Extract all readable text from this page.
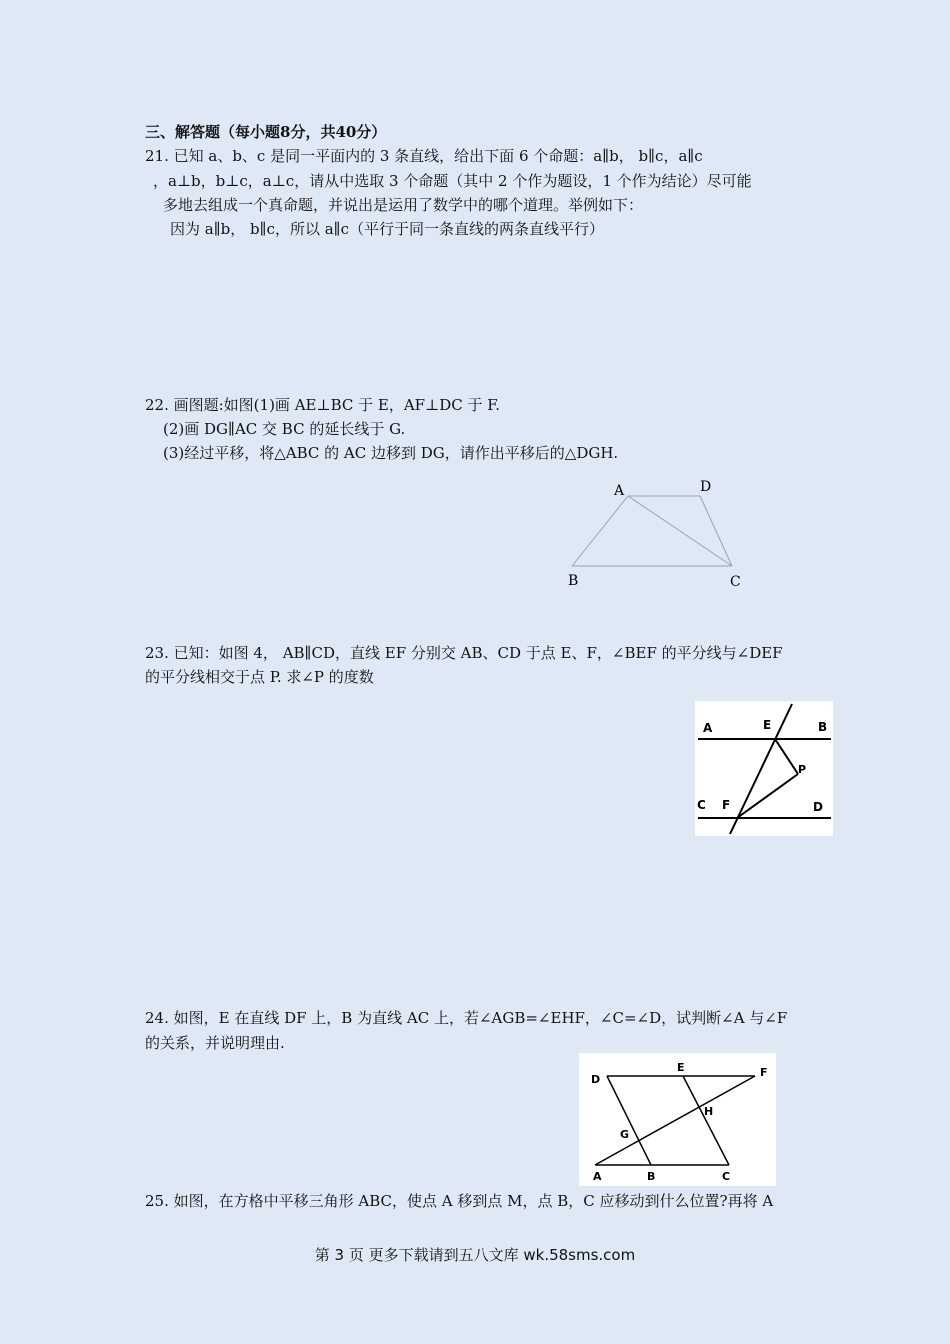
三、解答题（每小题8分，共40分）
21. 已知 a、b、c 是同一平面内的 3 条直线，给出下面 6 个命题：a∥b， b∥c，a∥c
，a⊥b，b⊥c，a⊥c，请从中选取 3 个命题（其中 2 个作为题设，1 个作为结论）尽可能
多地去组成一个真命题，并说出是运用了数学中的哪个道理。举例如下：
因为 a∥b， b∥c，所以 a∥c（平行于同一条直线的两条直线平行）
22. 画图题:如图(1)画 AE⊥BC 于 E，AF⊥DC 于 F.
(2)画 DG∥AC 交 BC 的延长线于 G.
(3)经过平移，将△ABC 的 AC 边移到 DG，请作出平移后的△DGH.
A	D
B	C
23. 已知：如图 4， AB∥CD，直线 EF 分别交 AB、CD 于点 E、F，∠BEF 的平分线与∠DEF
的平分线相交于点 P. 求∠P 的度数
A	E	B
P
C F	D
24. 如图，E 在直线 DF 上，B 为直线 AC 上，若∠AGB=∠EHF，∠C=∠D，试判断∠A 与∠F
的关系，并说明理由.
D
E	F
H
G
A	B	C
25. 如图，在方格中平移三角形 ABC，使点 A 移到点 M，点 B，C 应移动到什么位置?再将 A
第 3 页 更多下载请到五八文库 wk.58sms.com
